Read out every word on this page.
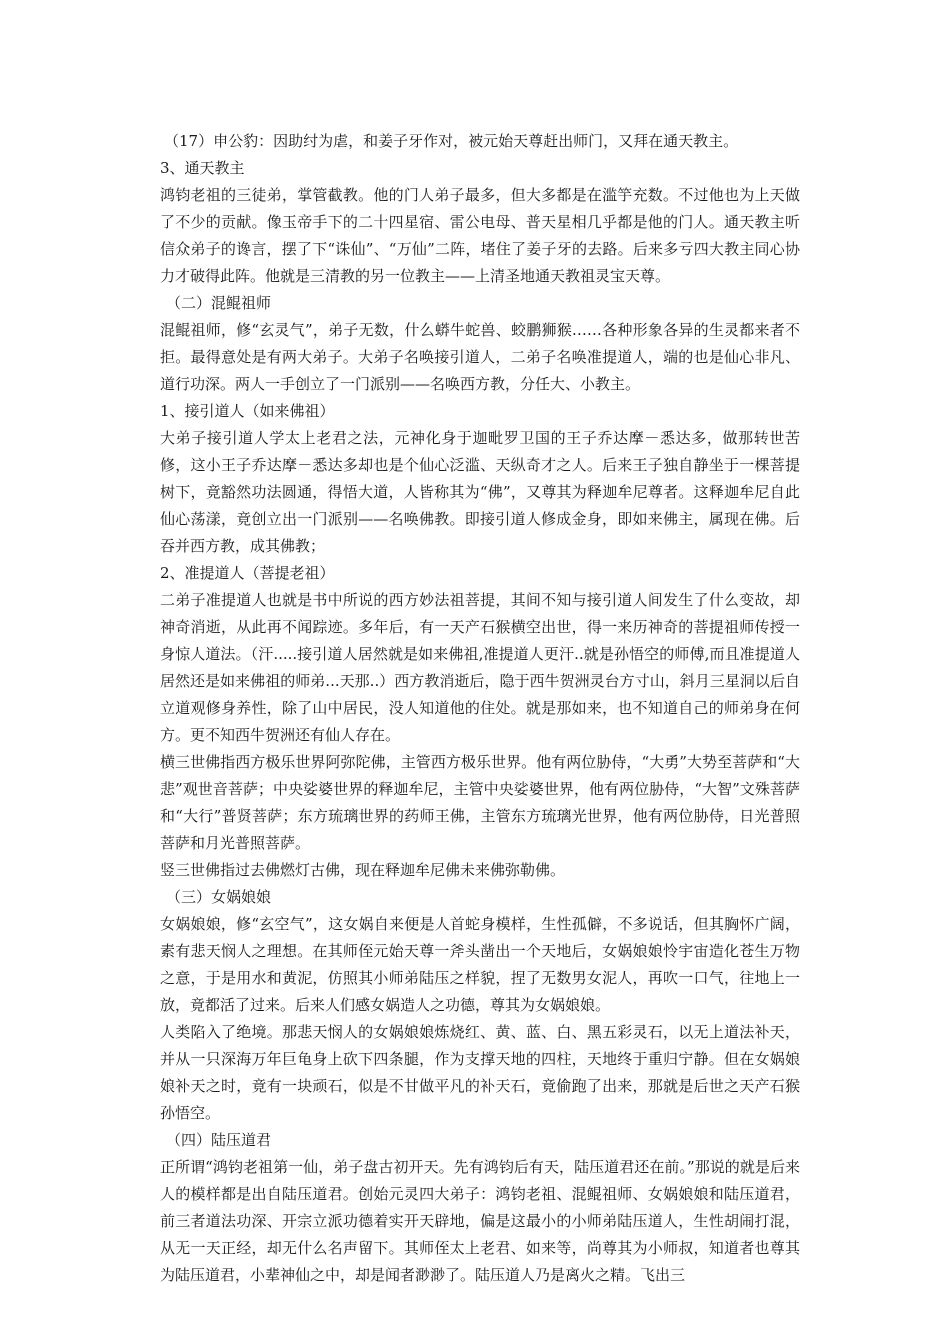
（17）申公豹：因助纣为虐，和姜子牙作对，被元始天尊赶出师门，又拜在通天教主。

3、通天教主

鸿钧老祖的三徒弟，掌管截教。他的门人弟子最多，但大多都是在滥竽充数。不过他也为上天做了不少的贡献。像玉帝手下的二十四星宿、雷公电母、普天星相几乎都是他的门人。通天教主听信众弟子的谗言，摆了下“诛仙”、“万仙”二阵，堵住了姜子牙的去路。后来多亏四大教主同心协力才破得此阵。他就是三清教的另一位教主——上清圣地通天教祖灵宝天尊。

（二）混鲲祖师

混鲲祖师，修“玄灵气”，弟子无数，什么蟒牛蛇兽、蛟鹏狮猴……各种形象各异的生灵都来者不拒。最得意处是有两大弟子。大弟子名唤接引道人，二弟子名唤准提道人，端的也是仙心非凡、道行功深。两人一手创立了一门派别——名唤西方教，分任大、小教主。

1、接引道人（如来佛祖）

大弟子接引道人学太上老君之法，元神化身于迦毗罗卫国的王子乔达摩－悉达多，做那转世苦修，这小王子乔达摩－悉达多却也是个仙心泛滥、天纵奇才之人。后来王子独自静坐于一棵菩提树下，竟豁然功法圆通，得悟大道，人皆称其为“佛”，又尊其为释迦牟尼尊者。这释迦牟尼自此仙心荡漾，竟创立出一门派别——名唤佛教。即接引道人修成金身，即如来佛主，属现在佛。后吞并西方教，成其佛教；

2、准提道人（菩提老祖）

二弟子准提道人也就是书中所说的西方妙法祖菩提，其间不知与接引道人间发生了什么变故，却神奇消逝，从此再不闻踪迹。多年后，有一天产石猴横空出世，得一来历神奇的菩提祖师传授一身惊人道法。（汗.....接引道人居然就是如来佛祖,准提道人更汗..就是孙悟空的师傅,而且准提道人居然还是如来佛祖的师弟...天那..）西方教消逝后，隐于西牛贺洲灵台方寸山，斜月三星洞以后自立道观修身养性，除了山中居民，没人知道他的住处。就是那如来，也不知道自己的师弟身在何方。更不知西牛贺洲还有仙人存在。

横三世佛指西方极乐世界阿弥陀佛，主管西方极乐世界。他有两位胁侍，“大勇”大势至菩萨和“大悲”观世音菩萨；中央娑婆世界的释迦牟尼，主管中央娑婆世界，他有两位胁侍，“大智”文殊菩萨和“大行”普贤菩萨；东方琉璃世界的药师王佛，主管东方琉璃光世界，他有两位胁侍，日光普照菩萨和月光普照菩萨。

竖三世佛指过去佛燃灯古佛，现在释迦牟尼佛未来佛弥勒佛。

（三）女娲娘娘

女娲娘娘，修“玄空气”，这女娲自来便是人首蛇身模样，生性孤僻，不多说话，但其胸怀广阔，素有悲天悯人之理想。在其师侄元始天尊一斧头凿出一个天地后，女娲娘娘怜宇宙造化苍生万物之意，于是用水和黄泥，仿照其小师弟陆压之样貌，捏了无数男女泥人，再吹一口气，往地上一放，竟都活了过来。后来人们感女娲造人之功德，尊其为女娲娘娘。

人类陷入了绝境。那悲天悯人的女娲娘娘炼烧红、黄、蓝、白、黑五彩灵石，以无上道法补天，并从一只深海万年巨龟身上砍下四条腿，作为支撑天地的四柱，天地终于重归宁静。但在女娲娘娘补天之时，竟有一块顽石，似是不甘做平凡的补天石，竟偷跑了出来，那就是后世之天产石猴孙悟空。

（四）陆压道君

正所谓“鸿钧老祖第一仙，弟子盘古初开天。先有鸿钧后有天，陆压道君还在前。”那说的就是后来人的模样都是出自陆压道君。创始元灵四大弟子：鸿钧老祖、混鲲祖师、女娲娘娘和陆压道君，前三者道法功深、开宗立派功德着实开天辟地，偏是这最小的小师弟陆压道人，生性胡闹打混，从无一天正经，却无什么名声留下。其师侄太上老君、如来等，尚尊其为小师叔，知道者也尊其为陆压道君，小辈神仙之中，却是闻者渺渺了。陆压道人乃是离火之精。飞出三
